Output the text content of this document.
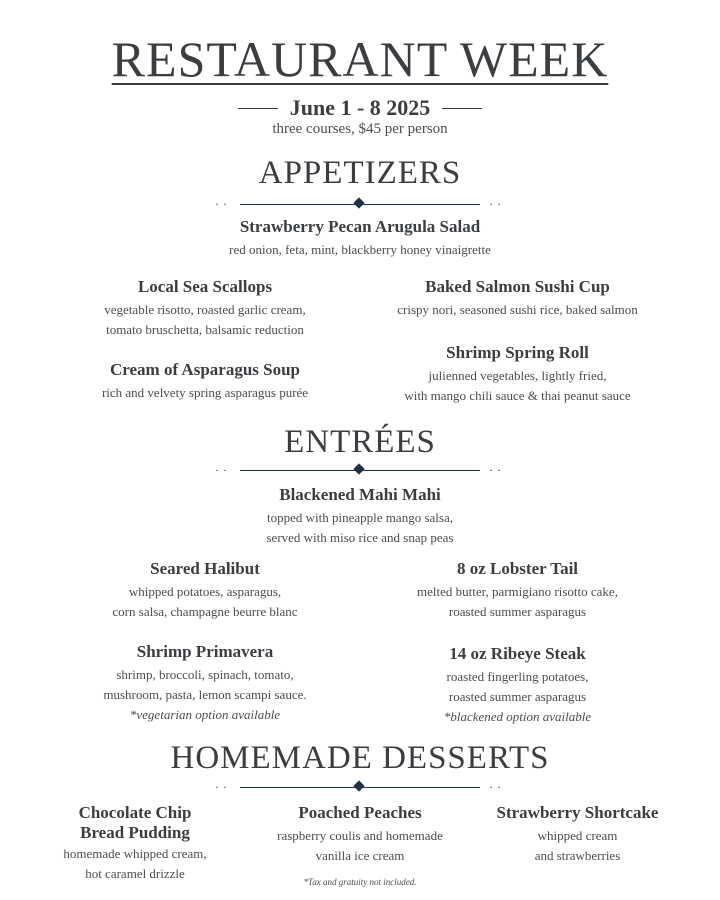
RESTAURANT WEEK
June 1 - 8 2025
three courses, $45 per person
APPETIZERS
··	··
Strawberry Pecan Arugula Salad
red onion, feta, mint, blackberry honey vinaigrette
Local Sea Scallops
vegetable risotto, roasted garlic cream,
tomato bruschetta, balsamic reduction
Cream of Asparagus Soup
rich and velvety spring asparagus purée
Baked Salmon Sushi Cup
crispy nori, seasoned sushi rice, baked salmon
Shrimp Spring Roll
julienned vegetables, lightly fried,
with mango chili sauce & thai peanut sauce
ENTRÉES
··	··
Blackened Mahi Mahi
topped with pineapple mango salsa,
served with miso rice and snap peas
Seared Halibut
whipped potatoes, asparagus,
corn salsa, champagne beurre blanc
Shrimp Primavera
shrimp, broccoli, spinach, tomato,
mushroom, pasta, lemon scampi sauce.
*vegetarian option available
8 oz Lobster Tail
melted butter, parmigiano risotto cake,
roasted summer asparagus
14 oz Ribeye Steak
roasted fingerling potatoes,
roasted summer asparagus
*blackened option available
HOMEMADE DESSERTS
··	··
Chocolate Chip
Bread Pudding
homemade whipped cream,
hot caramel drizzle
Poached Peaches
raspberry coulis and homemade
vanilla ice cream
Strawberry Shortcake
whipped cream
and strawberries
*Tax and gratuity not included.
